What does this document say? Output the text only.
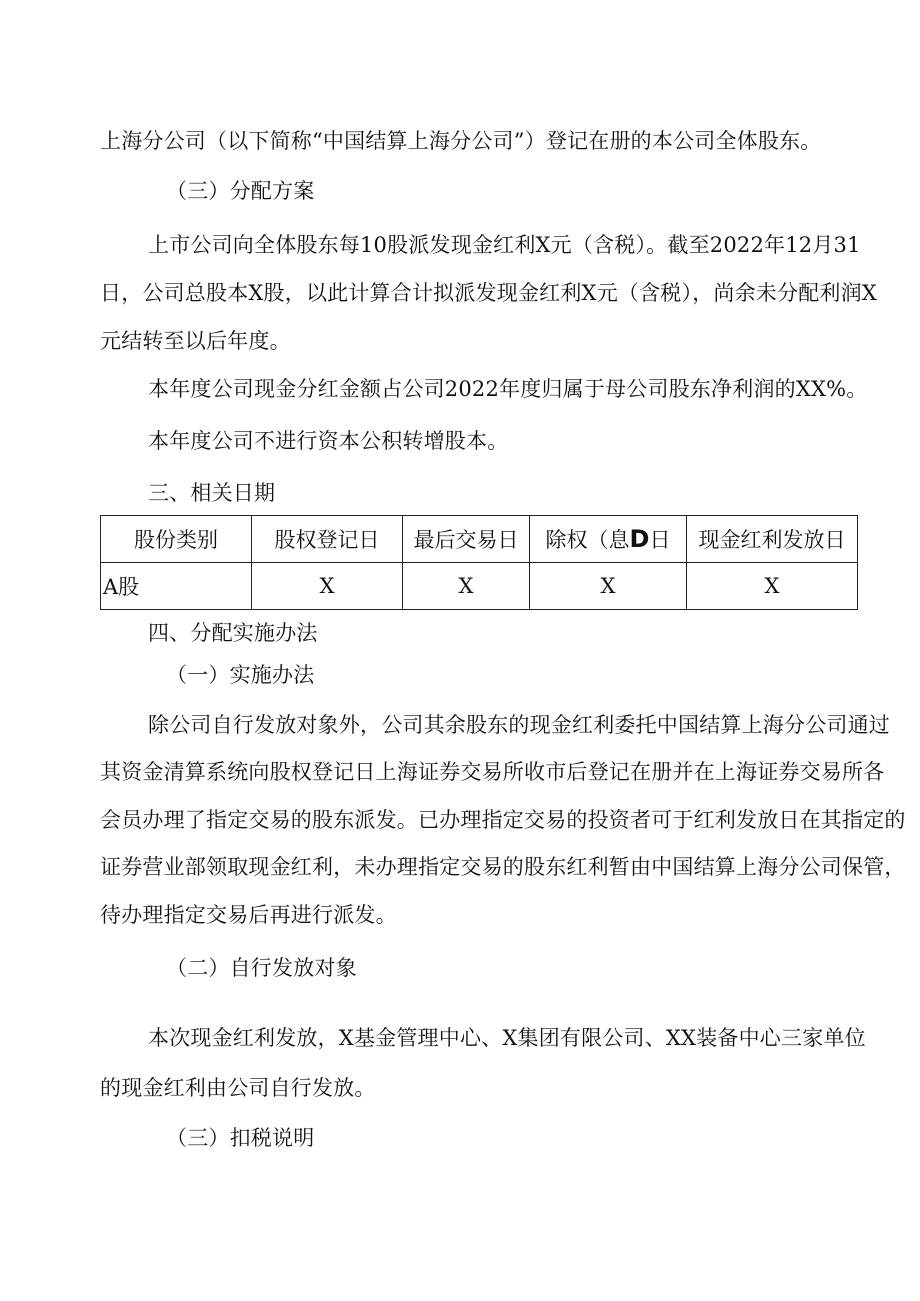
上海分公司（以下简称“中国结算上海分公司”）登记在册的本公司全体股东。
（三）分配方案
上市公司向全体股东每10股派发现金红利X元（含税）。截至2022年12月31
日，公司总股本X股，以此计算合计拟派发现金红利X元（含税），尚余未分配利润X
元结转至以后年度。
本年度公司现金分红金额占公司2022年度归属于母公司股东净利润的XX%。
本年度公司不进行资本公积转增股本。
三、相关日期
股份类别	股权登记日	最后交易日	除权（息D日	现金红利发放日
A股	X	X	X	X
四、分配实施办法
（一）实施办法
除公司自行发放对象外，公司其余股东的现金红利委托中国结算上海分公司通过
其资金清算系统向股权登记日上海证券交易所收市后登记在册并在上海证券交易所各
会员办理了指定交易的股东派发。已办理指定交易的投资者可于红利发放日在其指定的
证券营业部领取现金红利，未办理指定交易的股东红利暂由中国结算上海分公司保管，
待办理指定交易后再进行派发。
（二）自行发放对象
本次现金红利发放，X基金管理中心、X集团有限公司、XX装备中心三家单位
的现金红利由公司自行发放。
（三）扣税说明
